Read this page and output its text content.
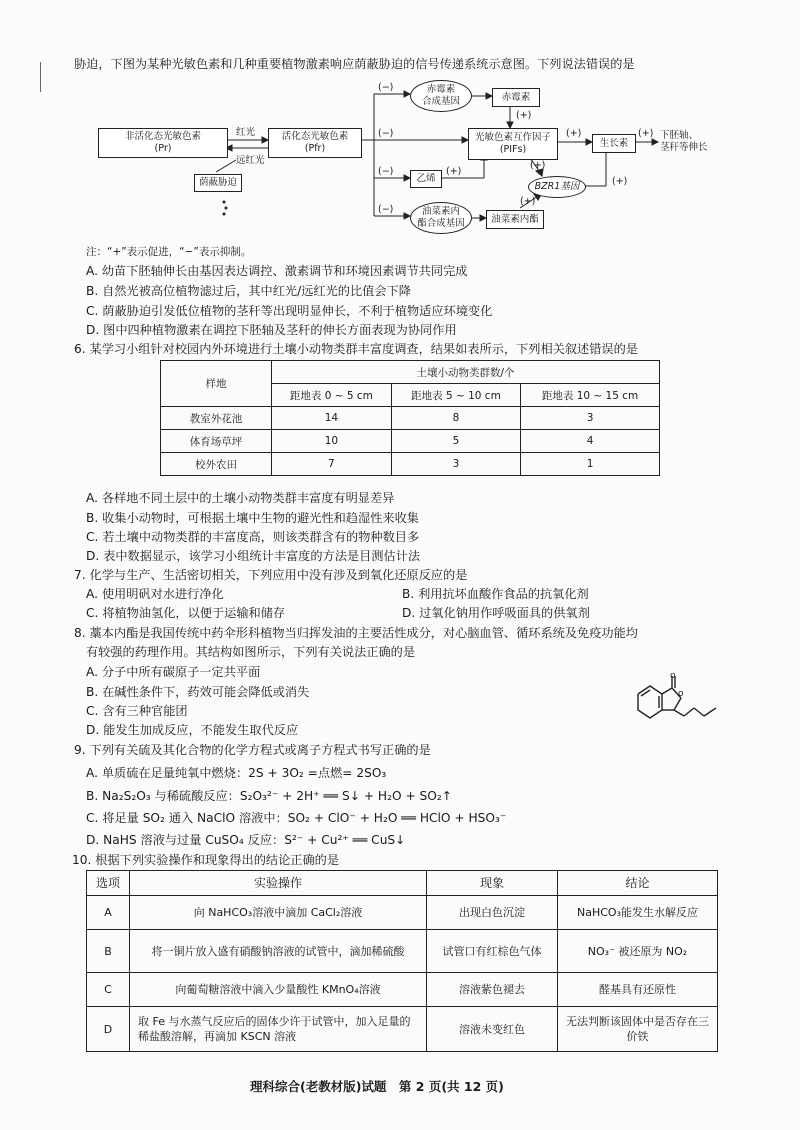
胁迫，下图为某种光敏色素和几种重要植物激素响应荫蔽胁迫的信号传递系统示意图。下列说法错误的是
非活化态光敏色素
(Pr)
红光
远红光
活化态光敏色素
(Pfr)
荫蔽胁迫
(−)
(−)
(−)
(−)
赤霉素
合成基因	赤霉素
(+)
光敏色素互作因子
(PIFs)
(+)
生长素
(+) 下胚轴、
茎秆等伸长
乙烯
(+)
(+)
BZR1基因	(+)
油菜素内
酯合成基因	油菜素内酯
(+)
注：“+”表示促进，“−”表示抑制。
A. 幼苗下胚轴伸长由基因表达调控、激素调节和环境因素调节共同完成
B. 自然光被高位植物滤过后，其中红光/远红光的比值会下降
C. 荫蔽胁迫引发低位植物的茎秆等出现明显伸长，不利于植物适应环境变化
D. 图中四种植物激素在调控下胚轴及茎秆的伸长方面表现为协同作用
6. 某学习小组针对校园内外环境进行土壤小动物类群丰富度调查，结果如表所示，下列相关叙述错误的是
样地	土壤小动物类群数/个		
	距地表 0 ~ 5 cm	距地表 5 ~ 10 cm	距地表 10 ~ 15 cm
教室外花池	14	8	3
体育场草坪	10	5	4
校外农田	7	3	1
A. 各样地不同土层中的土壤小动物类群丰富度有明显差异
B. 收集小动物时，可根据土壤中生物的避光性和趋湿性来收集
C. 若土壤中动物类群的丰富度高，则该类群含有的物种数目多
D. 表中数据显示，该学习小组统计丰富度的方法是目测估计法
7. 化学与生产、生活密切相关，下列应用中没有涉及到氧化还原反应的是
A. 使用明矾对水进行净化	B. 利用抗坏血酸作食品的抗氧化剂
C. 将植物油氢化，以便于运输和储存	D. 过氧化钠用作呼吸面具的供氧剂
8. 藁本内酯是我国传统中药伞形科植物当归挥发油的主要活性成分，对心脑血管、循环系统及免疫功能均
有较强的药理作用。其结构如图所示，下列有关说法正确的是
A. 分子中所有碳原子一定共平面
B. 在碱性条件下，药效可能会降低或消失
C. 含有三种官能团
D. 能发生加成反应，不能发生取代反应
o
o
9. 下列有关硫及其化合物的化学方程式或离子方程式书写正确的是
A. 单质硫在足量纯氧中燃烧：2S + 3O₂ =点燃= 2SO₃
B. Na₂S₂O₃ 与稀硫酸反应：S₂O₃²⁻ + 2H⁺ ══ S↓ + H₂O + SO₂↑
C. 将足量 SO₂ 通入 NaClO 溶液中：SO₂ + ClO⁻ + H₂O ══ HClO + HSO₃⁻
D. NaHS 溶液与过量 CuSO₄ 反应：S²⁻ + Cu²⁺ ══ CuS↓
10. 根据下列实验操作和现象得出的结论正确的是
选项	实验操作	现象	结论
A	向 NaHCO₃溶液中滴加 CaCl₂溶液	出现白色沉淀	NaHCO₃能发生水解反应
B	将一铜片放入盛有硝酸钠溶液的试管中，滴加稀硫酸	试管口有红棕色气体	NO₃⁻ 被还原为 NO₂
C	向葡萄糖溶液中滴入少量酸性 KMnO₄溶液	溶液紫色褪去	醛基具有还原性
D	取 Fe 与水蒸气反应后的固体少许于试管中，加入足量的稀盐酸溶解，再滴加 KSCN 溶液	溶液未变红色	无法判断该固体中是否存在三价铁
理科综合(老教材版)试题　第 2 页(共 12 页)
